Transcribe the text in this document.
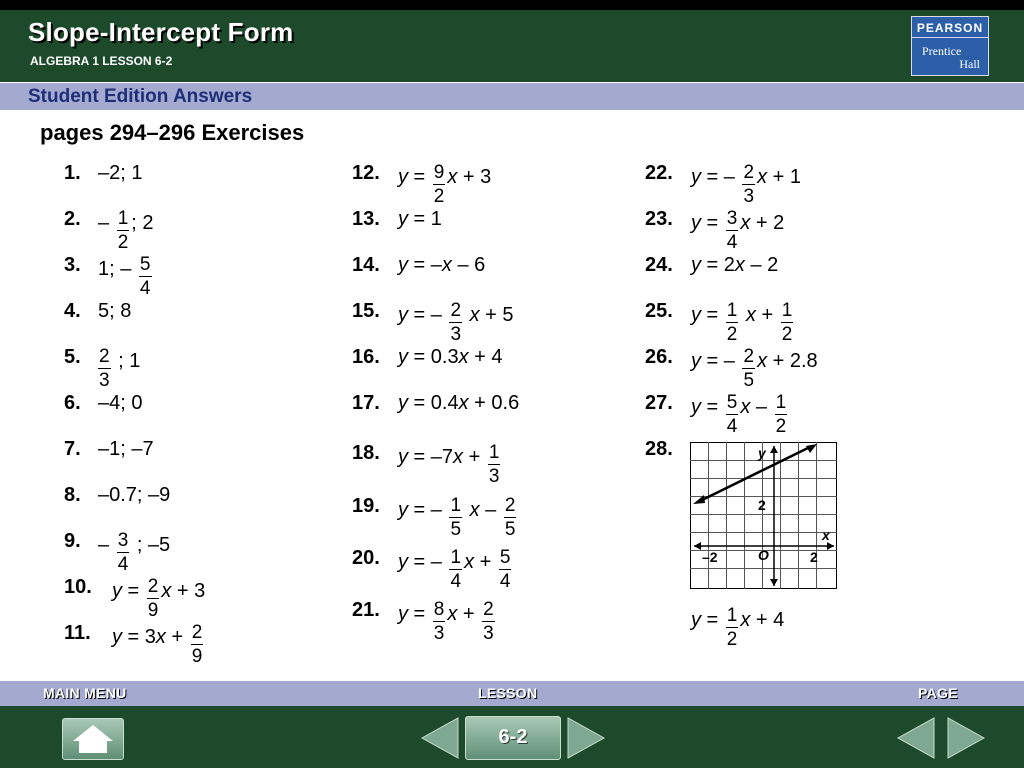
Slope-Intercept Form
ALGEBRA 1 LESSON 6-2
PEARSON
Prentice
Hall
Student Edition Answers
pages 294–296 Exercises
1. –2; 1
2. – $\frac{1}{2}$ ; 2
3. 1; – $\frac{5}{4}$
4. 5; 8
5. $\frac{2}{3}$ ; 1
6. –4; 0
7. –1; –7
8. –0.7; –9
9. – $\frac{3}{4}$ ; –5
10. $y = \frac{2}{9}$ x + 3
11. $y = 3x + \frac{2}{9}$
12. $y = \frac{9}{2}$ x + 3
13. y = 1
14. y = –x – 6
15. y = – $\frac{2}{3}$ x + 5
16. y = 0.3x + 4
17. y = 0.4x + 0.6
18. $y = -7x + \frac{1}{3}$
19. y = – $\frac{1}{5}$ x – $\frac{2}{5}$
20. y = – $\frac{1}{4}$ $x + \frac{5}{4}$
21. $y = \frac{8}{3}$ $x + \frac{2}{3}$
22. y = – $\frac{2}{3}$ x + 1
23. $y = \frac{3}{4}$ x + 2
24. y = 2x – 2
25. $y = \frac{1}{2}$ $x + \frac{1}{2}$
26. y = – $\frac{2}{5}$ x + 2.8
27. $y = \frac{5}{4}$ x – $\frac{1}{2}$
28.	y
x
2
O
–2	2
$y = \frac{1}{2}$ x + 4
MAIN MENU	LESSON	PAGE
6-2
